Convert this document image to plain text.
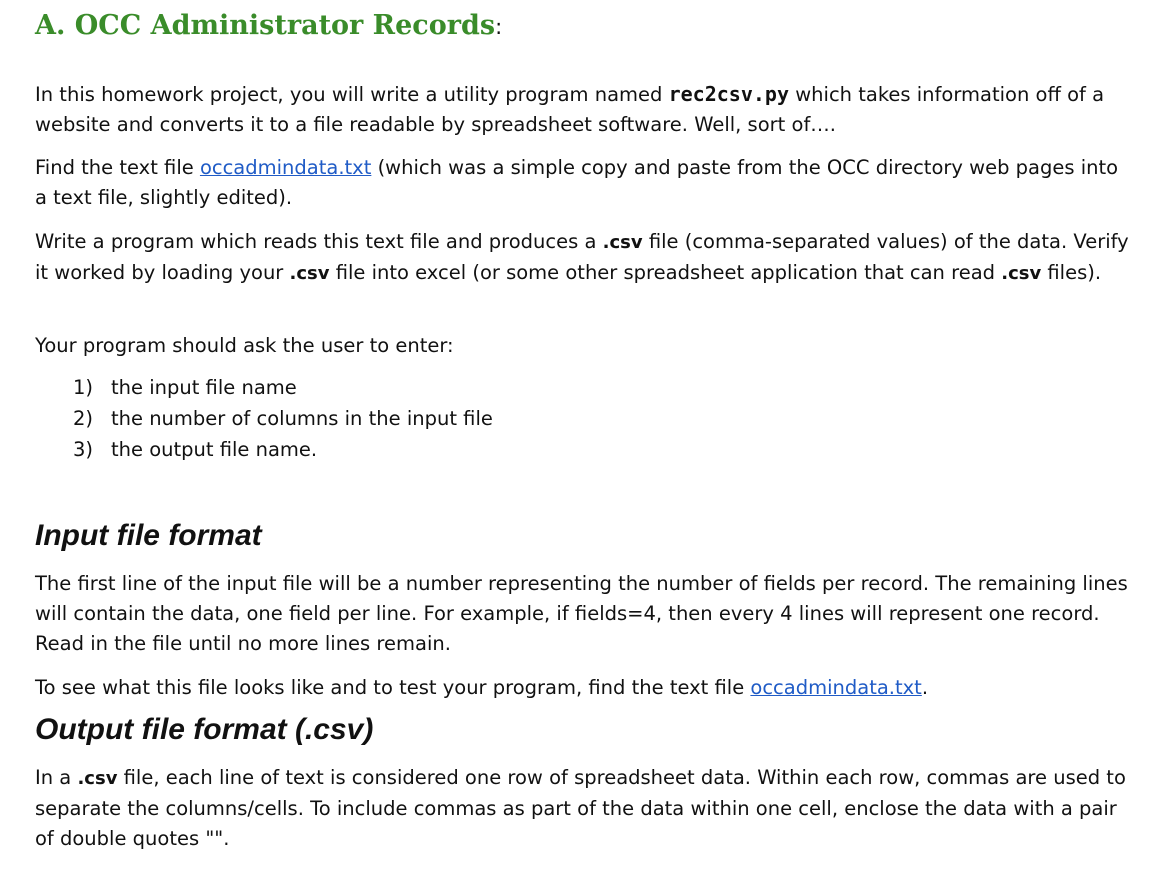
A. OCC Administrator Records:

In this homework project, you will write a utility program named rec2csv.py which takes information off of a website and converts it to a file readable by spreadsheet software. Well, sort of….

Find the text file occadmindata.txt (which was a simple copy and paste from the OCC directory web pages into a text file, slightly edited).

Write a program which reads this text file and produces a .csv file (comma-separated values) of the data. Verify it worked by loading your .csv file into excel (or some other spreadsheet application that can read .csv files).

Your program should ask the user to enter:

1) the input file name
2) the number of columns in the input file
3) the output file name.
Input file format

The first line of the input file will be a number representing the number of fields per record. The remaining lines will contain the data, one field per line. For example, if fields=4, then every 4 lines will represent one record. Read in the file until no more lines remain.

To see what this file looks like and to test your program, find the text file occadmindata.txt.

Output file format (.csv)

In a .csv file, each line of text is considered one row of spreadsheet data. Within each row, commas are used to separate the columns/cells. To include commas as part of the data within one cell, enclose the data with a pair of double quotes "".
